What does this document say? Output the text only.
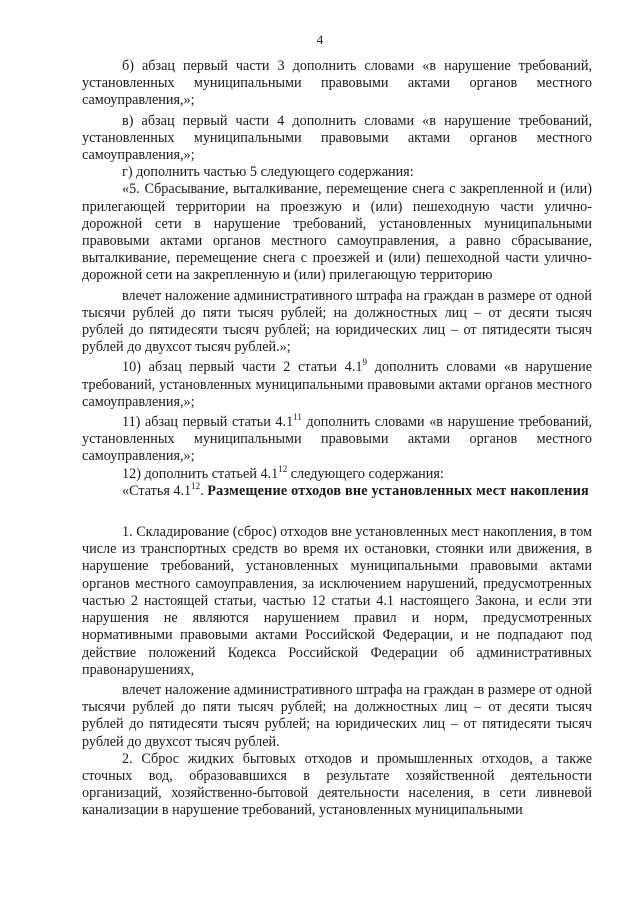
4

б) абзац первый части 3 дополнить словами «в нарушение требований, установленных муниципальными правовыми актами органов местного самоуправления,»;

в) абзац первый части 4 дополнить словами «в нарушение требований, установленных муниципальными правовыми актами органов местного самоуправления,»;

г) дополнить частью 5 следующего содержания:

«5. Сбрасывание, выталкивание, перемещение снега с закрепленной и (или) прилегающей территории на проезжую и (или) пешеходную части улично-дорожной сети в нарушение требований, установленных муниципальными правовыми актами органов местного самоуправления, а равно сбрасывание, выталкивание, перемещение снега с проезжей и (или) пешеходной части улично-дорожной сети на закрепленную и (или) прилегающую территорию

влечет наложение административного штрафа на граждан в размере от одной тысячи рублей до пяти тысяч рублей; на должностных лиц – от десяти тысяч рублей до пятидесяти тысяч рублей; на юридических лиц – от пятидесяти тысяч рублей до двухсот тысяч рублей.»;

10) абзац первый части 2 статьи $4.1^9$ дополнить словами «в нарушение требований, установленных муниципальными правовыми актами органов местного самоуправления,»;

11) абзац первый статьи $4.1^{11}$ дополнить словами «в нарушение требований, установленных муниципальными правовыми актами органов местного самоуправления,»;

12) дополнить статьей $4.1^{12}$ следующего содержания:

«Статья $4.1^{12}$. Размещение отходов вне установленных мест накопления

1. Складирование (сброс) отходов вне установленных мест накопления, в том числе из транспортных средств во время их остановки, стоянки или движения, в нарушение требований, установленных муниципальными правовыми актами органов местного самоуправления, за исключением нарушений, предусмотренных частью 2 настоящей статьи, частью 12 статьи 4.1 настоящего Закона, и если эти нарушения не являются нарушением правил и норм, предусмотренных нормативными правовыми актами Российской Федерации, и не подпадают под действие положений Кодекса Российской Федерации об административных правонарушениях,

влечет наложение административного штрафа на граждан в размере от одной тысячи рублей до пяти тысяч рублей; на должностных лиц – от десяти тысяч рублей до пятидесяти тысяч рублей; на юридических лиц – от пятидесяти тысяч рублей до двухсот тысяч рублей.

2. Сброс жидких бытовых отходов и промышленных отходов, а также сточных вод, образовавшихся в результате хозяйственной деятельности организаций, хозяйственно-бытовой деятельности населения, в сети ливневой канализации в нарушение требований, установленных муниципальными
